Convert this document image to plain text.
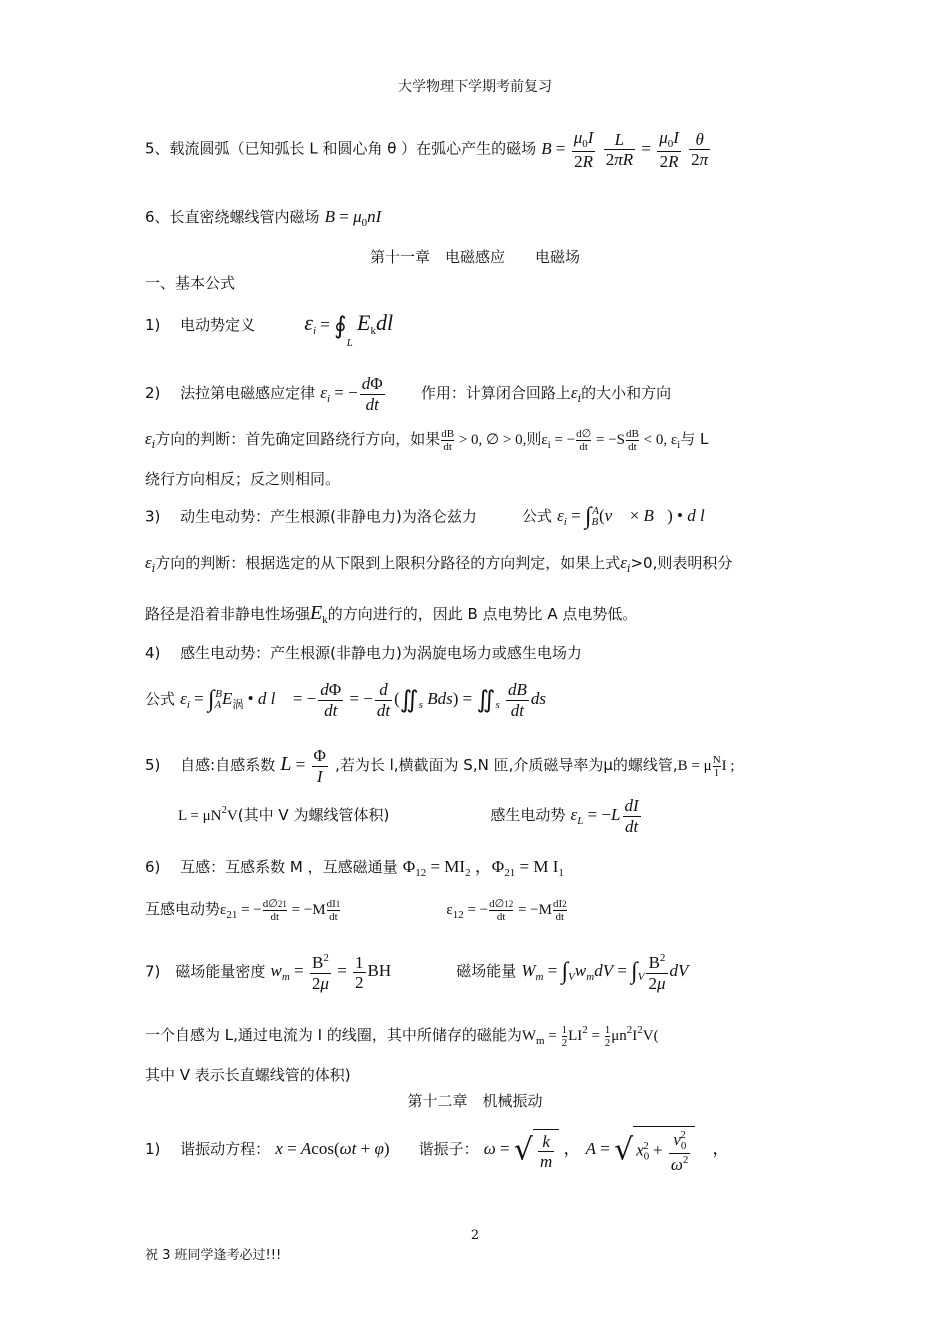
大学物理下学期考前复习
5、载流圆弧（已知弧长 L 和圆心角 θ ）在弧心产生的磁场 $B = \frac{\mu_0I}{2R}$
$\frac{L}{2\pi R} = \frac{\mu_0I}{2R}$
$\frac{\theta}{2\pi}$
6、长直密绕螺线管内磁场 $B = \mu_0nI$
第十一章　电磁感应　　电磁场
一、基本公式
1)　 电动势定义 $\varepsilon_i$ = $∮_L$ $E_kdl$
2)　 法拉第电磁感应定律 $\varepsilon_i$ = − $\frac{d\Phi}{dt}$ 作用：计算闭合回路上$\varepsilon_i$的大小和方向
$\varepsilon_i$方向的判断：首先确定回路绕行方向，如果 $\frac{dB}{dt} > 0$, ∅ > 0,则$\varepsilon_i$ = − $\frac{d\emptyset}{dt} = -S \frac{dB}{dt} < 0$, $\varepsilon_i$与 L
绕行方向相反；反之则相同。
3)　 动生电动势：产生根源(非静电力)为洛仑兹力	公式 $\varepsilon_i$ = $\int_B^A(v⃗$ × B⃗) • d l⃗
$\varepsilon_i$方向的判断：根据选定的从下限到上限积分路径的方向判定，如果上式$\varepsilon_i>0$,则表明积分
路径是沿着非静电性场强$E_k$的方向进行的，因此 B 点电势比 A 点电势低。
4)　 感生电动势：产生根源(非静电力)为涡旋电场力或感生电场力
公式 $\varepsilon_i = \int_A^BE_涡$ • d l⃗ = − $\frac{d\Phi}{dt}$ = − $\frac{d}{dt}$ ($∬_s$ $Bds) = ∬_s \frac{dB}{dt}$ ds
5)　 自感:自感系数 $L = \frac{\Phi}{I}$ ,若为长 l,横截面为 S,N 匝,介质磁导率为μ的螺线管,B = μ $\frac{N}{l}$ I ;
$L = \mu N^2V$(其中 V 为螺线管体积)	感生电动势 $\varepsilon_L = -L \frac{dI}{dt}$
6)　 互感：互感系数 M ，互感磁通量 $\Phi_{12} = MI_2$ ，$\Phi_{21} = M$ $I_1$
互感电动势$\varepsilon_{21}$ = − $\frac{d\emptyset 21}{dt} = -M \frac{dI1}{dt}$	$\varepsilon_{12}$ = − $\frac{d\emptyset 12}{dt} = -M \frac{dI2}{dt}$
7)　磁场能量密度 $w_m = \frac{B^2}{2\mu} = \frac{1}{2}$ BH	磁场能量 $W_m = \int_Vw_mdV = \int_V \frac{B^2}{2\mu}$ dV
一个自感为 L,通过电流为 I 的线圈，其中所储存的磁能为$W_m = \frac{1}{2} LI^2 = \frac{1}{2} \mu n^2I^2V$(
其中 V 表示长直螺线管的体积)
第十二章　机械振动
1)　 谐振动方程： x = Acos(ωt + φ) 谐振子： ω = √ $\frac{k}{m}$ ， A = √ $x_0^2 + \frac{v_0^2}{\omega^2}$ 　，
2
祝 3 班同学逢考必过!!!
